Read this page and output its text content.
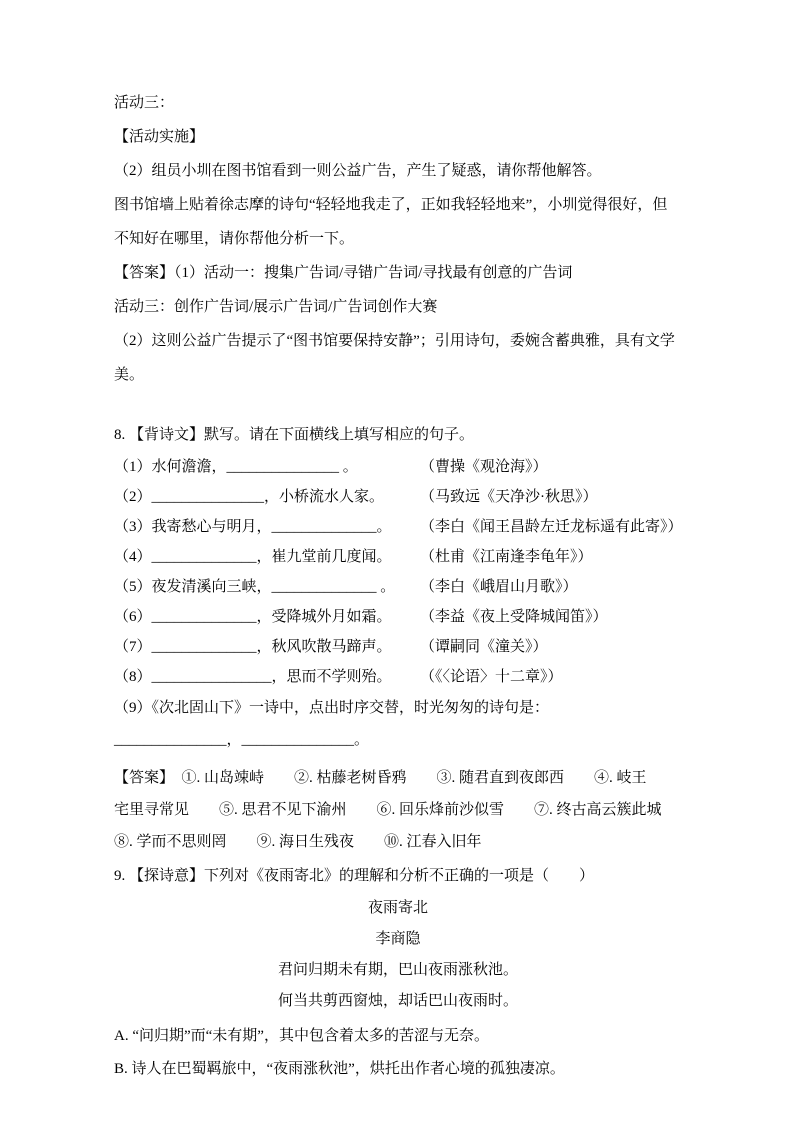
活动三：

【活动实施】

（2）组员小圳在图书馆看到一则公益广告，产生了疑惑，请你帮他解答。

图书馆墙上贴着徐志摩的诗句“轻轻地我走了，正如我轻轻地来”，小圳觉得很好，但不知好在哪里，请你帮他分析一下。

【答案】（1）活动一：搜集广告词/寻错广告词/寻找最有创意的广告词

活动三：创作广告词/展示广告词/广告词创作大赛

（2）这则公益广告提示了“图书馆要保持安静”；引用诗句，委婉含蓄典雅，具有文学美。

8. 【背诗文】默写。请在下面横线上填写相应的句子。

（1）水何澹澹，_______________ 。	（曹操《观沧海》）
（2）_______________，小桥流水人家。	（马致远《天净沙·秋思》）
（3）我寄愁心与明月，______________。	（李白《闻王昌龄左迁龙标遥有此寄》）
（4）______________，崔九堂前几度闻。	（杜甫《江南逢李龟年》）
（5）夜发清溪向三峡，______________ 。	（李白《峨眉山月歌》）
（6）______________，受降城外月如霜。	（李益《夜上受降城闻笛》）
（7）______________，秋风吹散马蹄声。	（谭嗣同《潼关》）
（8）________________，思而不学则殆。	（《〈论语〉十二章》）

（9）《次北固山下》一诗中，点出时序交替，时光匆匆的诗句是：

_______________，_______________。

【答案】　①. 山岛竦峙　　②. 枯藤老树昏鸦　　③. 随君直到夜郎西　　④. 岐王

宅里寻常见　　⑤. 思君不见下渝州　　⑥. 回乐烽前沙似雪　　⑦. 终古高云簇此城

⑧. 学而不思则罔　　⑨. 海日生残夜　　⑩. 江春入旧年

9. 【探诗意】下列对《夜雨寄北》的理解和分析不正确的一项是（　　）

夜雨寄北

李商隐

君问归期未有期，巴山夜雨涨秋池。

何当共剪西窗烛，却话巴山夜雨时。

A. “问归期”而“未有期”，其中包含着太多的苦涩与无奈。

B. 诗人在巴蜀羁旅中，“夜雨涨秋池”，烘托出作者心境的孤独凄凉。
